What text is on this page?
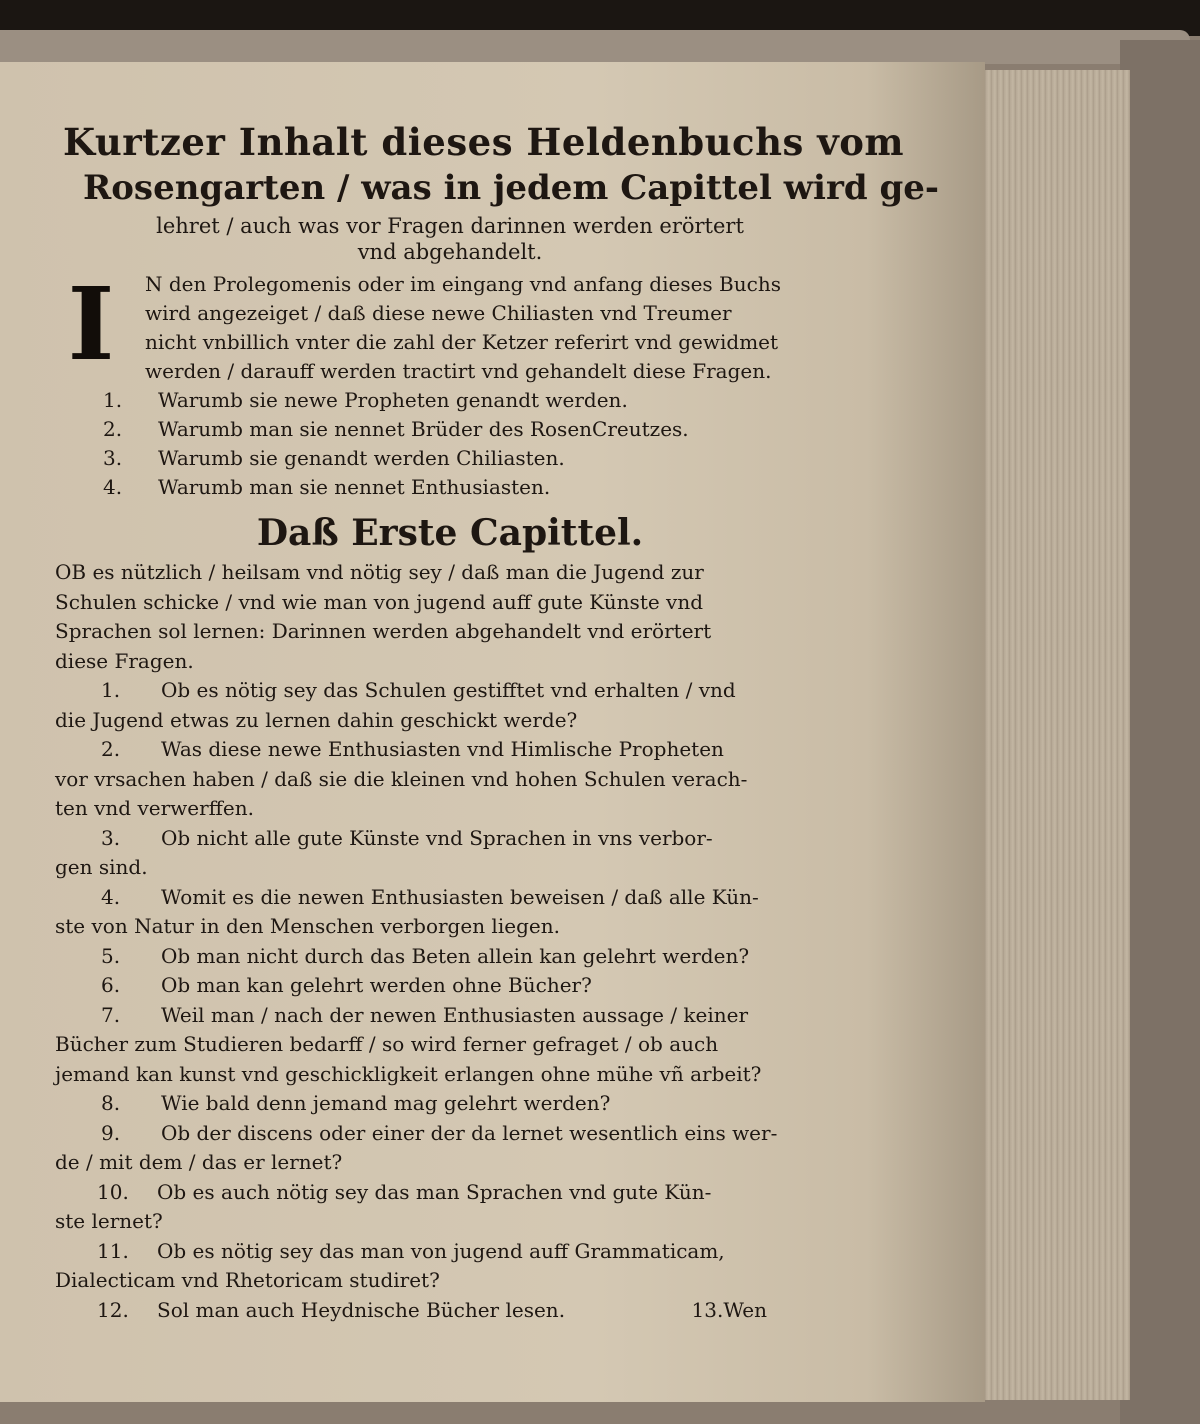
Kurtzer Inhalt dieses Heldenbuchs vom
Rosengarten / was in jedem Capittel wird ge-
lehret / auch was vor Fragen darinnen werden erörtert
vnd abgehandelt.
I	N den Prolegomenis oder im eingang vnd anfang dieses Buchs

wird angezeiget / daß diese newe Chiliasten vnd Treumer

nicht vnbillich vnter die zahl der Ketzer referirt vnd gewidmet

werden / darauff werden tractirt vnd gehandelt diese Fragen.

1. Warumb sie newe Propheten genandt werden.
2. Warumb man sie nennet Brüder des RosenCreutzes.
3. Warumb sie genandt werden Chiliasten.
4. Warumb man sie nennet Enthusiasten.
Daß Erste Capittel.
OB es nützlich / heilsam vnd nötig sey / daß man die Jugend zur
Schulen schicke / vnd wie man von jugend auff gute Künste vnd
Sprachen sol lernen: Darinnen werden abgehandelt vnd erörtert
diese Fragen.
1. Ob es nötig sey das Schulen gestifftet vnd erhalten / vnd
die Jugend etwas zu lernen dahin geschickt werde?
2. Was diese newe Enthusiasten vnd Himlische Propheten
vor vrsachen haben / daß sie die kleinen vnd hohen Schulen verach-
ten vnd verwerffen.
3. Ob nicht alle gute Künste vnd Sprachen in vns verbor-
gen sind.
4. Womit es die newen Enthusiasten beweisen / daß alle Kün-
ste von Natur in den Menschen verborgen liegen.
5. Ob man nicht durch das Beten allein kan gelehrt werden?
6. Ob man kan gelehrt werden ohne Bücher?
7. Weil man / nach der newen Enthusiasten aussage / keiner
Bücher zum Studieren bedarff / so wird ferner gefraget / ob auch
jemand kan kunst vnd geschickligkeit erlangen ohne mühe vñ arbeit?
8. Wie bald denn jemand mag gelehrt werden?
9. Ob der discens oder einer der da lernet wesentlich eins wer-
de / mit dem / das er lernet?
10. Ob es auch nötig sey das man Sprachen vnd gute Kün-
ste lernet?
11. Ob es nötig sey das man von jugend auff Grammaticam,
Dialecticam vnd Rhetoricam studiret?
12. Sol man auch Heydnische Bücher lesen.	13.Wen
